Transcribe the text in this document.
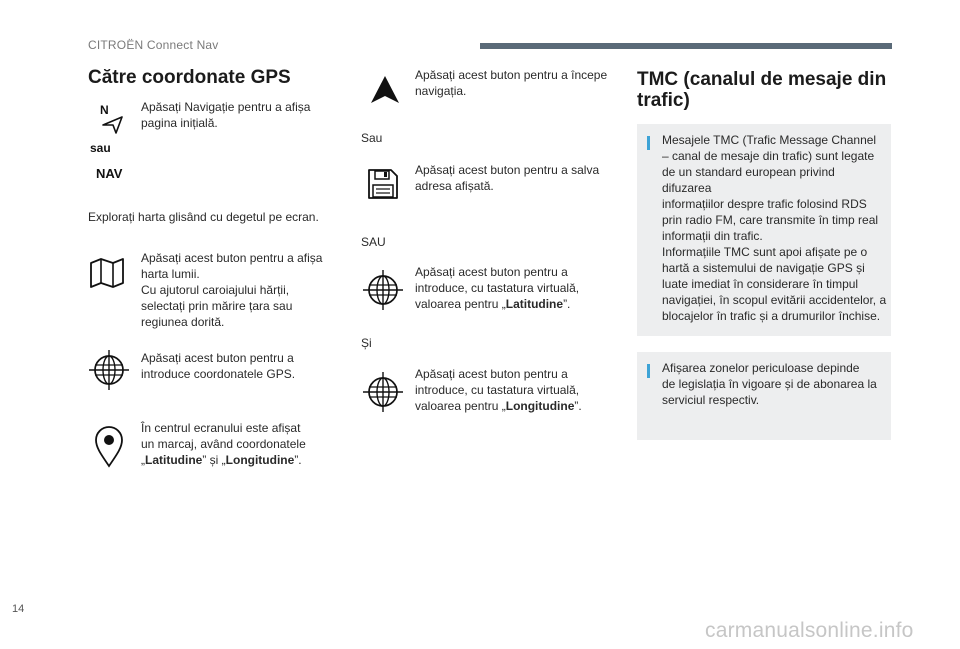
CITROËN Connect Nav
Către coordonate GPS
N	Apăsați Navigație pentru a afișa pagina inițială.
sau
NAV
Explorați harta glisând cu degetul pe ecran.
Apăsați acest buton pentru a afișa
harta lumii.
Cu ajutorul caroiajului hărții,
selectați prin mărire țara sau
regiunea dorită.
Apăsați acest buton pentru a
introduce coordonatele GPS.
În centrul ecranului este afișat
un marcaj, având coordonatele
„Latitudine” și „Longitudine”.
Apăsați acest buton pentru a începe
navigația.
Sau
Apăsați acest buton pentru a salva
adresa afișată.
SAU
Apăsați acest buton pentru a
introduce, cu tastatura virtuală,
valoarea pentru „Latitudine”.
Și
Apăsați acest buton pentru a
introduce, cu tastatura virtuală,
valoarea pentru „Longitudine”.
TMC (canalul de mesaje din
trafic)
Mesajele TMC (Trafic Message Channel
– canal de mesaje din trafic) sunt legate
de un standard european privind difuzarea
informațiilor despre trafic folosind RDS
prin radio FM, care transmite în timp real
informații din trafic.
Informațiile TMC sunt apoi afișate pe o
hartă a sistemului de navigație GPS și
luate imediat în considerare în timpul
navigației, în scopul evitării accidentelor, a
blocajelor în trafic și a drumurilor închise.
Afișarea zonelor periculoase depinde
de legislația în vigoare și de abonarea la
serviciul respectiv.
14
carmanualsonline.info
